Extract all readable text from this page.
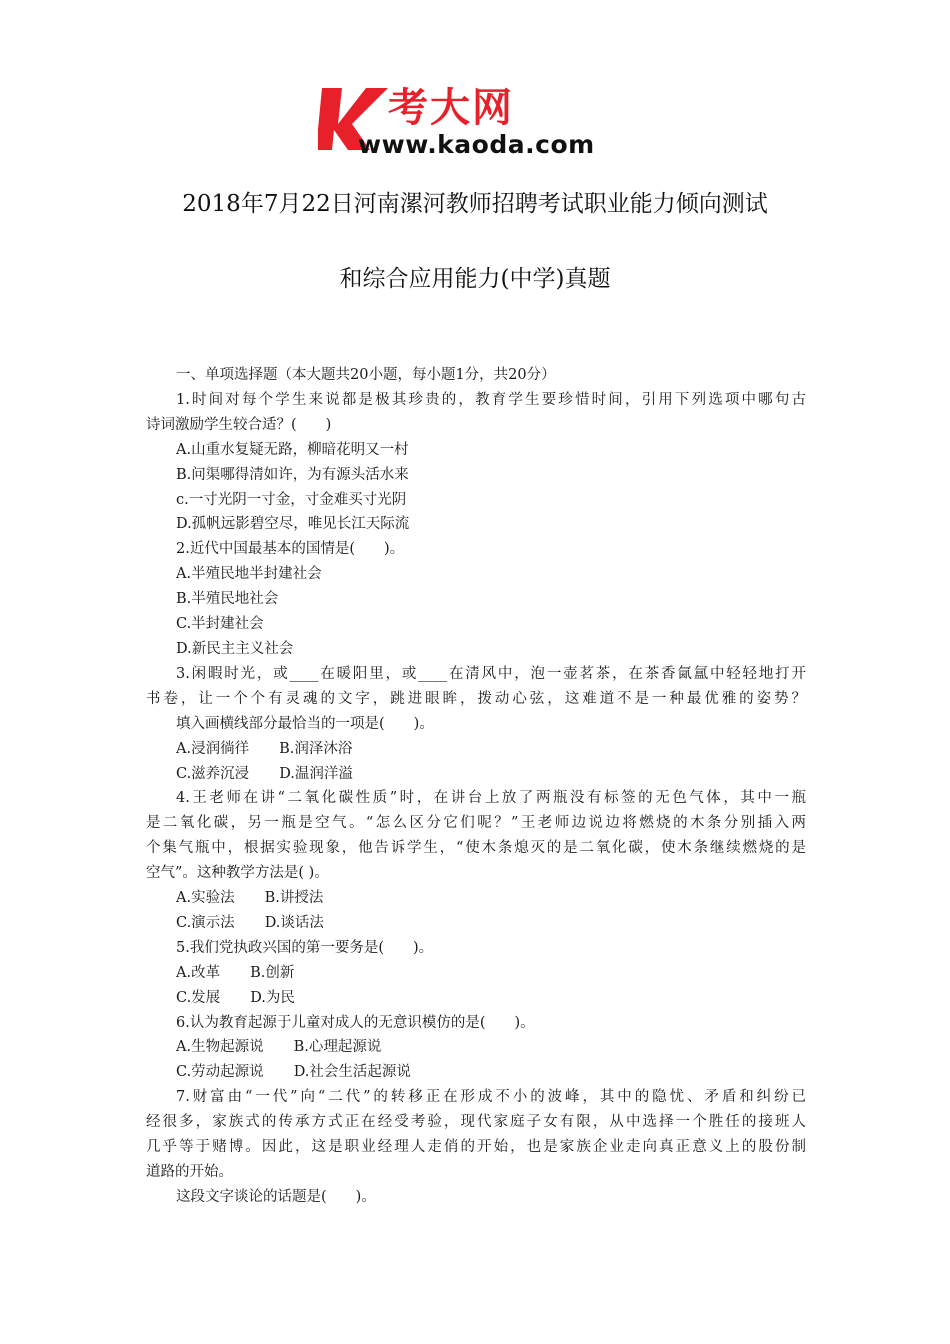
考大网
www.kaoda.com
2018年7月22日河南漯河教师招聘考试职业能力倾向测试
和综合应用能力(中学)真题
一、单项选择题（本大题共20小题，每小题1分，共20分）
1.时间对每个学生来说都是极其珍贵的，教育学生要珍惜时间，引用下列选项中哪句古
诗词激励学生较合适？(　　)
A.山重水复疑无路，柳暗花明又一村
B.问渠哪得清如许，为有源头活水来
c.一寸光阴一寸金，寸金难买寸光阴
D.孤帆远影碧空尽，唯见长江天际流
2.近代中国最基本的国情是(　　)。
A.半殖民地半封建社会
B.半殖民地社会
C.半封建社会
D.新民主主义社会
3.闲暇时光，或____在暖阳里，或____在清风中，泡一壶茗茶，在茶香氤氲中轻轻地打开
书卷，让一个个有灵魂的文字，跳进眼眸，拨动心弦，这难道不是一种最优雅的姿势？
填入画横线部分最恰当的一项是(　　)。
A.浸润徜徉 B.润泽沐浴
C.滋养沉浸 D.温润洋溢
4.王老师在讲“二氧化碳性质”时，在讲台上放了两瓶没有标签的无色气体，其中一瓶
是二氧化碳，另一瓶是空气。“怎么区分它们呢？”王老师边说边将燃烧的木条分别插入两
个集气瓶中，根据实验现象，他告诉学生，“使木条熄灭的是二氧化碳，使木条继续燃烧的是
空气”。这种教学方法是( )。
A.实验法 B.讲授法
C.演示法 D.谈话法
5.我们党执政兴国的第一要务是(　　)。
A.改革 B.创新
C.发展 D.为民
6.认为教育起源于儿童对成人的无意识模仿的是(　　)。
A.生物起源说 B.心理起源说
C.劳动起源说 D.社会生活起源说
7.财富由“一代”向“二代”的转移正在形成不小的波峰，其中的隐忧、矛盾和纠纷已
经很多，家族式的传承方式正在经受考验，现代家庭子女有限，从中选择一个胜任的接班人
几乎等于赌博。因此，这是职业经理人走俏的开始，也是家族企业走向真正意义上的股份制
道路的开始。
这段文字谈论的话题是(　　)。
